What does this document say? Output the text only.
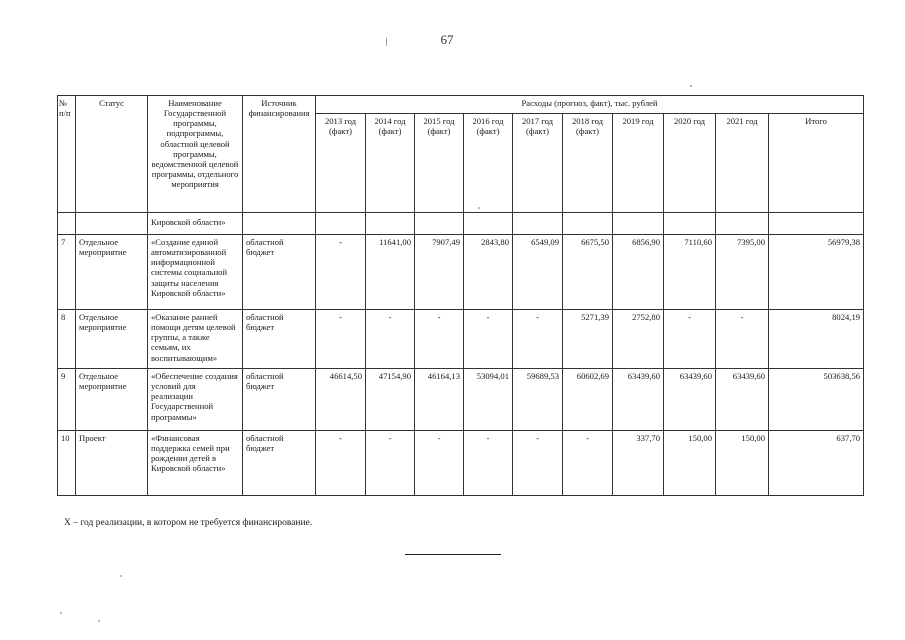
67
№ п/п	Статус	Наименование Государственной программы, подпрограммы, областной целевой программы, ведомственной целевой программы, отдельного мероприятия	Источник финансирования	Расходы (прогноз, факт), тыс. рублей									
				2013 год (факт)	2014 год (факт)	2015 год (факт)	2016 год (факт)	2017 год (факт)	2018 год (факт)	2019 год	2020 год	2021 год	Итого
		Кировской области»											
7	Отдельное мероприятие	«Создание единой автоматизированной информационной системы социальной защиты населения Кировской области»	областной бюджет	-	11641,00	7907,49	2843,80	6549,09	6675,50	6856,90	7110,60	7395,00	56979,38
8	Отдельное мероприятие	«Оказание ранней помощи детям целевой группы, а также семьям, их воспитывающим»	областной бюджет	-	-	-	-	-	5271,39	2752,80	-	-	8024,19
9	Отдельное мероприятие	«Обеспечение создания условий для реализации Государственной программы»	областной бюджет	46614,50	47154,90	46164,13	53094,01	59689,53	60602,69	63439,60	63439,60	63439,60	503638,56
10	Проект	«Финансовая поддержка семей при рождении детей в Кировской области»	областной бюджет	-	-	-	-	-	-	337,70	150,00	150,00	637,70
Х – год реализации, в котором не требуется финансирование.
